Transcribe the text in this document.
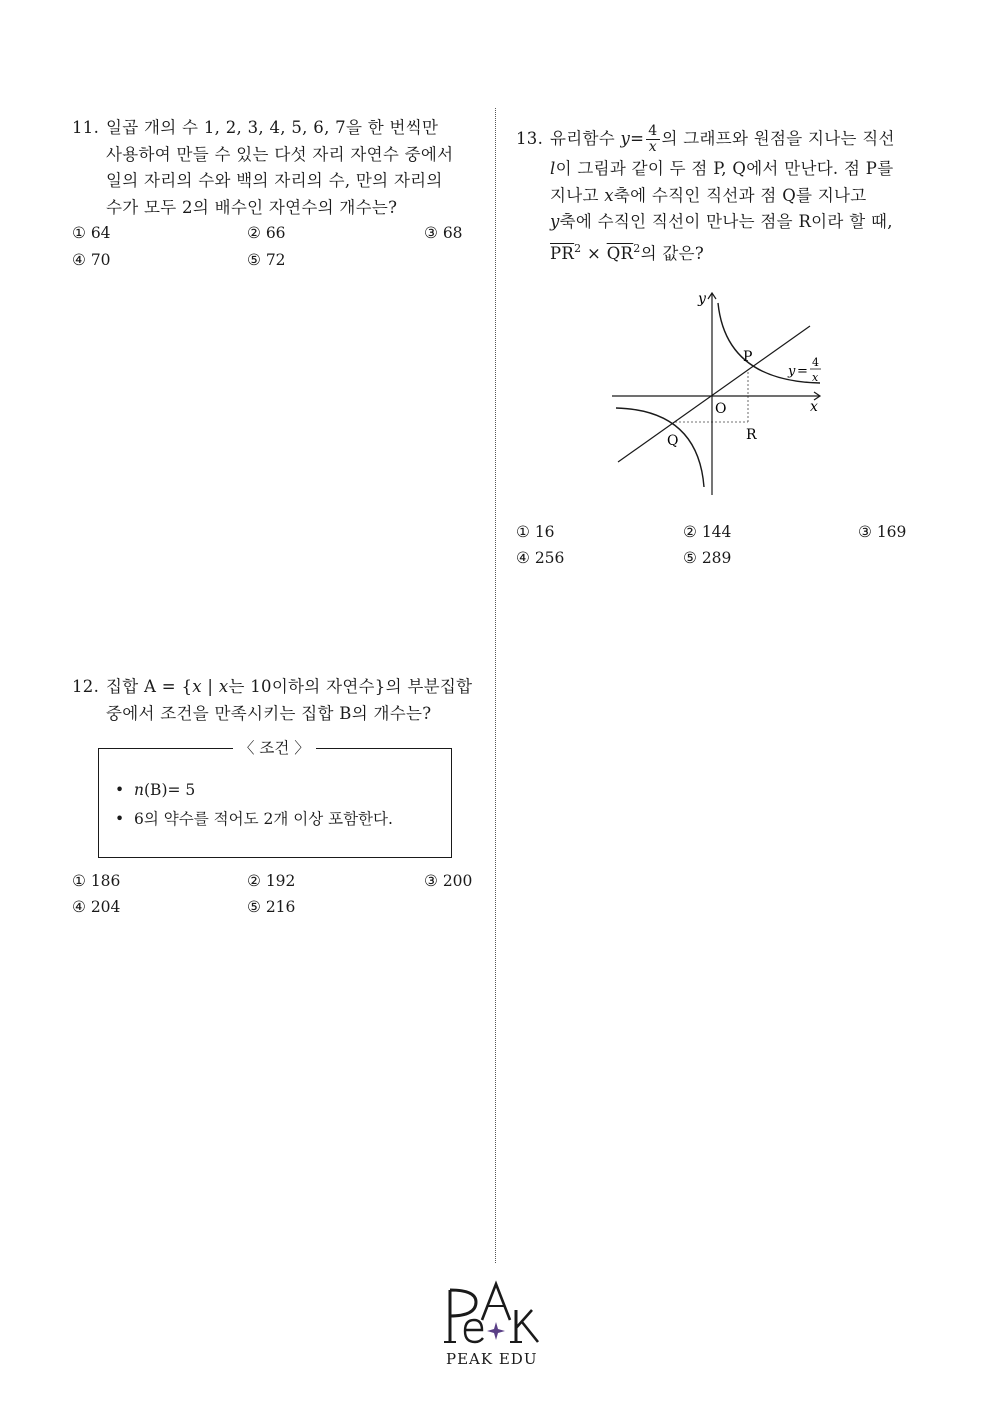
11. 일곱 개의 수 1, 2, 3, 4, 5, 6, 7을 한 번씩만
사용하여 만들 수 있는 다섯 자리 자연수 중에서
일의 자리의 수와 백의 자리의 수, 만의 자리의
수가 모두 2의 배수인 자연수의 개수는?
① 64	② 66	③ 68
④ 70	⑤ 72
12. 집합 A = {x | x는 10이하의 자연수}의 부분집합
중에서 조건을 만족시키는 집합 B의 개수는?
〈 조건 〉
• n(B)= 5
• 6의 약수를 적어도 2개 이상 포함한다.
① 186	② 192	③ 200
④ 204	⑤ 216
13. 유리함수 $y= \frac{4}{x}$ 의 그래프와 원점을 지나는 직선
l이 그림과 같이 두 점 P, Q에서 만난다. 점 P를
지나고 x축에 수직인 직선과 점 Q를 지나고
y축에 수직인 직선이 만나는 점을 R이라 할 때,
$\overline{PR}^2 \times \overline{QR}^2$의 값은?
y
x
O
P
Q	R
y =
4
x
① 16	② 144	③ 169
④ 256	⑤ 289
PEAK EDU
